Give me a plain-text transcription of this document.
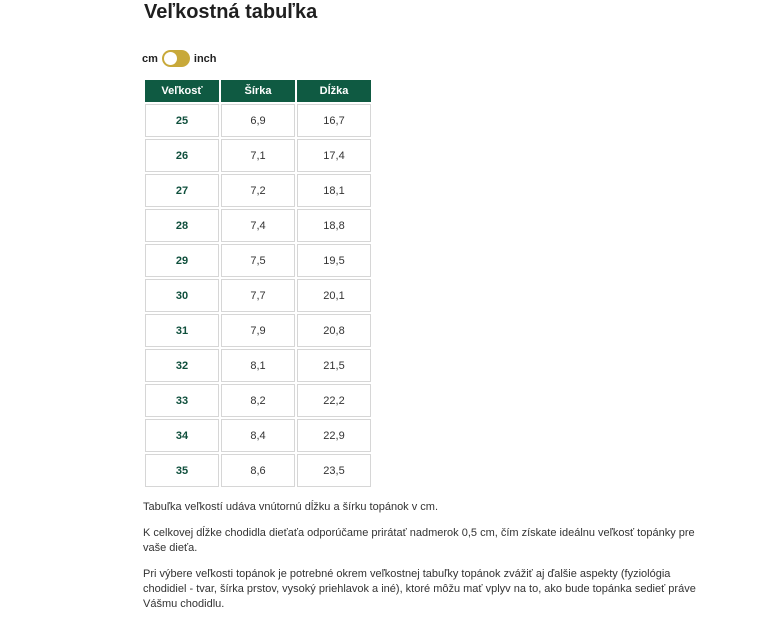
Veľkostná tabuľka
cm	inch
Veľkosť	Šírka	Dĺžka
25	6,9	16,7
26	7,1	17,4
27	7,2	18,1
28	7,4	18,8
29	7,5	19,5
30	7,7	20,1
31	7,9	20,8
32	8,1	21,5
33	8,2	22,2
34	8,4	22,9
35	8,6	23,5

Tabuľka veľkostí udáva vnútornú dĺžku a šírku topánok v cm.

K celkovej dĺžke chodidla dieťaťa odporúčame prirátať nadmerok 0,5 cm, čím získate ideálnu veľkosť topánky pre vaše dieťa.

Pri výbere veľkosti topánok je potrebné okrem veľkostnej tabuľky topánok zvážiť aj ďalšie aspekty (fyziológia chodidiel - tvar, šírka prstov, vysoký priehlavok a iné), ktoré môžu mať vplyv na to, ako bude topánka sedieť práve Vášmu chodidlu.
